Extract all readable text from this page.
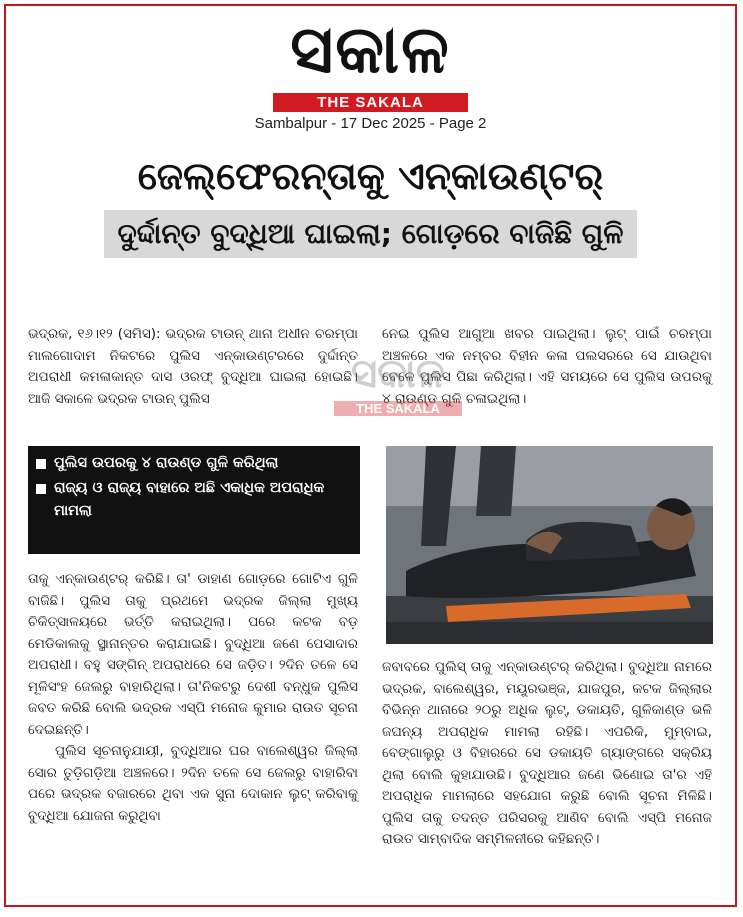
ସକାଳ
THE SAKALA
Sambalpur - 17 Dec 2025 - Page 2
ଜେଲ୍‌ଫେରନ୍ତାକୁ ଏନ୍‌କାଉଣ୍ଟର୍
ଦୁର୍ଦ୍ଦାନ୍ତ ବୁଦ୍ଧିଆ ଘାଇଲା; ଗୋଡ଼ରେ ବାଜିଛି ଗୁଳି

ଭଦ୍ରକ, ୧୬।୧୨ (ସମିସ): ଭଦ୍ରକ ଟାଉନ୍ ଥାନା ଅଧୀନ ଚରମ୍ପା ମାଲଗୋଦାମ ନିକଟରେ ପୁଲିସ ଏନ୍‌କାଉଣ୍ଟରରେ ଦୁର୍ଦ୍ଦାନ୍ତ ଅପରାଧୀ କମଳାକାନ୍ତ ଦାସ ଓରଫ୍ ବୁଦ୍ଧିଆ ଘାଇଲା ହୋଇଛି। ଆଜି ସକାଳେ ଭଦ୍ରକ ଟାଉନ୍ ପୁଲିସ

ନେଇ ପୁଲିସ ଆଗୁଆ ଖବର ପାଇଥିଲା। ଲୁଟ୍ ପାଇଁ ଚରମ୍ପା ଅଞ୍ଚଳରେ ଏକ ନମ୍ବର ବିହୀନ କଳା ପଲସରରେ ସେ ଯାଉଥିବା ବେଳେ ପୁଲିସ ପିଛା କରିଥିଲା। ଏହି ସମୟରେ ସେ ପୁଲିସ ଉପରକୁ ୪ ରାଉଣ୍ଡ ଗୁଳି ଚଳାଇଥିଲା।

ସକାଳ
THE SAKALA
ପୁଲିସ ଉପରକୁ ୪ ରାଉଣ୍ଡ ଗୁଳି କରିଥିଲା
ରାଜ୍ୟ ଓ ରାଜ୍ୟ ବାହାରେ ଅଛି ଏକାଧିକ ଅପରାଧିକ ମାମଲା

ତାକୁ ଏନ୍‌କାଉଣ୍ଟର୍ କରିଛି। ତା' ଡାହାଣ ଗୋଡ଼ରେ ଗୋଟିଏ ଗୁଳି ବାଜିଛି। ପୁଲିସ ତାକୁ ପ୍ରଥମେ ଭଦ୍ରକ ଜିଲ୍ଲା ମୁଖ୍ୟ ଚିକିତ୍ସାଳୟରେ ଭର୍ତ୍ତି କରାଇଥିଲା। ପରେ କଟକ ବଡ଼ ମେଡିକାଲକୁ ସ୍ଥାନାନ୍ତର କରାଯାଇଛି। ବୁଦ୍ଧିଆ ଜଣେ ପେସାଦାର ଅପରାଧୀ। ବହୁ ସଙ୍ଗିନ୍ ଅପରାଧରେ ସେ ଜଡ଼ିତ। ୨ଦିନ ତଳେ ସେ ମୂଳିସଂହ ଜେଲରୁ ବାହାରିଥିଲା। ତା'ନିକଟରୁ ଦେଶୀ ବନ୍ଧୁକ ପୁଲିସ ଜବତ କରିଛି ବୋଲି ଭଦ୍ରକ ଏସ୍‌ପି ମନୋଜ କୁମାର ରାଉତ ସୂଚନା ଦେଇଛନ୍ତି।

ପୁଲିସ ସୂଚନାନୁଯାୟୀ, ବୁଦ୍ଧିଆର ଘର ବାଲେଶ୍ୱର ଜିଲ୍ଲା ସୋର ତୁଡ଼ିଗଡ଼ିଆ ଅଞ୍ଚଳରେ। ୨ଦିନ ତଳେ ସେ ଜେଲରୁ ବାହାରିବା ପରେ ଭଦ୍ରକ ବଜାରରେ ଥିବା ଏକ ସୁନା ଦୋକାନ ଲୁଟ୍ କରିବାକୁ ବୁଦ୍ଧିଆ ଯୋଜନା କରୁଥିବା

ଜବାବରେ ପୁଲିସ୍ ତାକୁ ଏନ୍‌କାଉଣ୍ଟର୍ କରିଥିଲା। ବୁଦ୍ଧିଆ ନାମରେ ଭଦ୍ରକ, ବାଲେଶ୍ୱର, ମୟୂରଭଞ୍ଜ, ଯାଜପୁର, କଟକ ଜିଲ୍ଲାର ବିଭିନ୍ନ ଥାନାରେ ୨୦ରୁ ଅଧିକ ଲୁଟ୍, ଡକାୟତି, ଗୁଳିକାଣ୍ଡ ଭଳି ଜଘନ୍ୟ ଅପରାଧିକ ମାମଲା ରହିଛି। ଏପରିକି, ମୁମ୍ବାଇ, ବେଙ୍ଗାଲୁରୁ ଓ ବିହାରରେ ସେ ଡକାୟତି ଗ୍ୟାଙ୍ଗରେ ସକ୍ରିୟ ଥିଲା ବୋଲି କୁହାଯାଉଛି। ବୁଦ୍ଧିଆର ଜଣେ ଭିଣୋଇ ତା'ର ଏହି ଅପରାଧିକ ମାମଲାରେ ସହଯୋଗ କରୁଛି ବୋଲି ସୂଚନା ମିଳିଛି। ପୁଲିସ ତାକୁ ତଦନ୍ତ ପରିସରକୁ ଆଣିବ ବୋଲି ଏସ୍‌ପି ମନୋଜ ରାଉତ ସାମ୍ବାଦିକ ସମ୍ମିଳନୀରେ କହିଛନ୍ତି।
